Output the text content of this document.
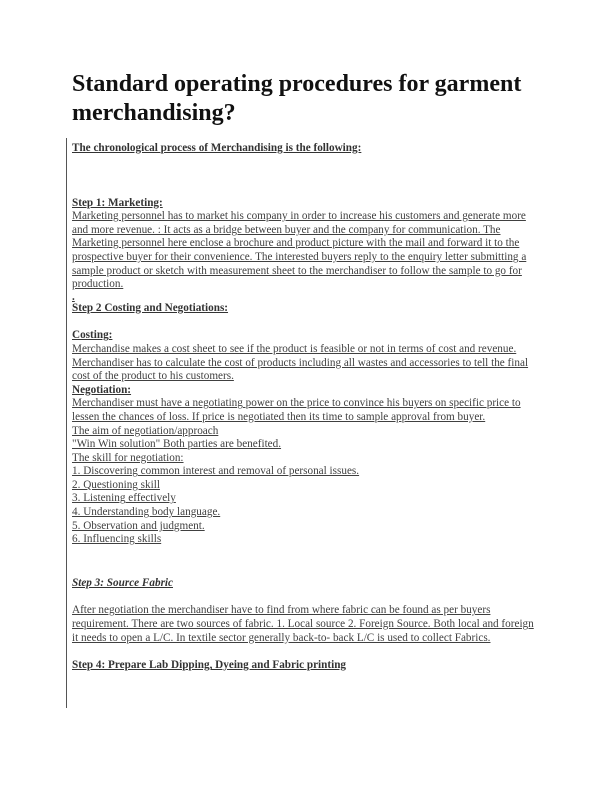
Standard operating procedures for garment merchandising?
The chronological process of Merchandising is the following:
Step 1: Marketing:
Marketing personnel has to market his company in order to increase his customers and generate more and more revenue. : It acts as a bridge between buyer and the company for communication. The Marketing personnel here enclose a brochure and product picture with the mail and forward it to the prospective buyer for their convenience. The interested buyers reply to the enquiry letter submitting a sample product or sketch with measurement sheet to the merchandiser to follow the sample to go for production.
.
Step 2 Costing and Negotiations:
Costing:
Merchandise makes a cost sheet to see if the product is feasible or not in terms of cost and revenue. Merchandiser has to calculate the cost of products including all wastes and accessories to tell the final cost of the product to his customers.
Negotiation:
Merchandiser must have a negotiating power on the price to convince his buyers on specific price to lessen the chances of loss. If price is negotiated then its time to sample approval from buyer.
The aim of negotiation/approach
"Win Win solution" Both parties are benefited.
The skill for negotiation:
1. Discovering common interest and removal of personal issues.
2. Questioning skill
3. Listening effectively
4. Understanding body language.
5. Observation and judgment.
6. Influencing skills
Step 3: Source Fabric
After negotiation the merchandiser have to find from where fabric can be found as per buyers requirement. There are two sources of fabric. 1. Local source 2. Foreign Source. Both local and foreign it needs to open a L/C. In textile sector generally back-to- back L/C is used to collect Fabrics.
Step 4: Prepare Lab Dipping, Dyeing and Fabric printing
